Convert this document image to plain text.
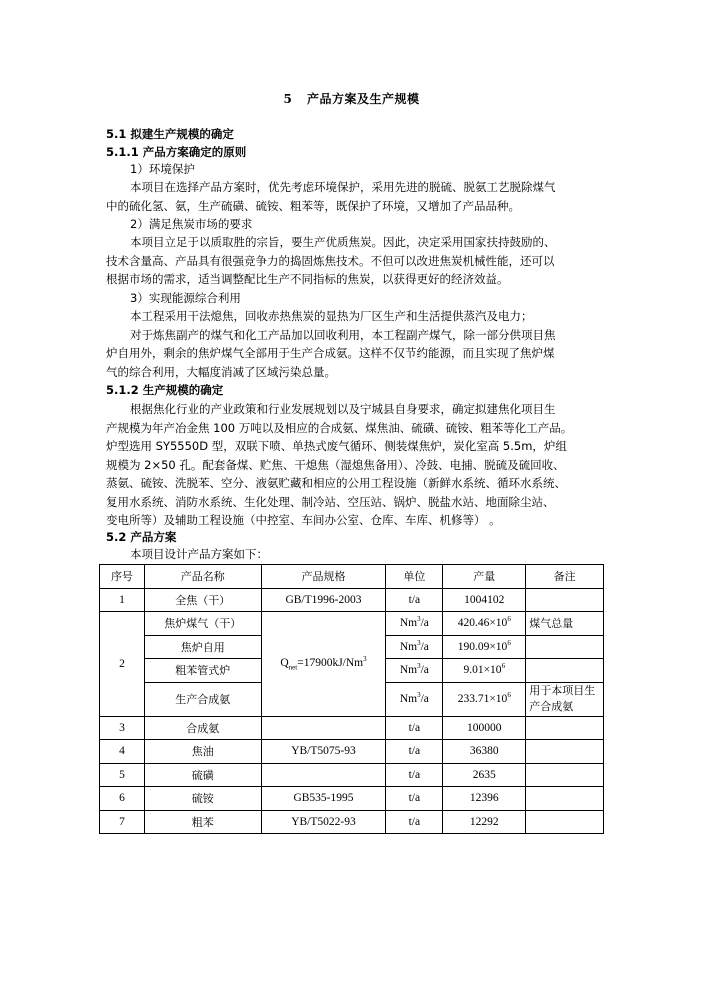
5 产品方案及生产规模
5.1 拟建生产规模的确定
5.1.1 产品方案确定的原则
1）环境保护
本项目在选择产品方案时，优先考虑环境保护，采用先进的脱硫、脱氨工艺脱除煤气
中的硫化氢、氨，生产硫磺、硫铵、粗苯等，既保护了环境，又增加了产品品种。
2）满足焦炭市场的要求
本项目立足于以质取胜的宗旨，要生产优质焦炭。因此，决定采用国家扶持鼓励的、
技术含量高、产品具有很强竞争力的捣固炼焦技术。不但可以改进焦炭机械性能，还可以
根据市场的需求，适当调整配比生产不同指标的焦炭，以获得更好的经济效益。
3）实现能源综合利用
本工程采用干法熄焦，回收赤热焦炭的显热为厂区生产和生活提供蒸汽及电力；
对于炼焦副产的煤气和化工产品加以回收利用，本工程副产煤气，除一部分供项目焦
炉自用外，剩余的焦炉煤气全部用于生产合成氨。这样不仅节约能源，而且实现了焦炉煤
气的综合利用，大幅度消减了区域污染总量。
5.1.2 生产规模的确定
根据焦化行业的产业政策和行业发展规划以及宁城县自身要求，确定拟建焦化项目生
产规模为年产冶金焦 100 万吨以及相应的合成氨、煤焦油、硫磺、硫铵、粗苯等化工产品。
炉型选用 SY5550D 型，双联下喷、单热式废气循环、侧装煤焦炉，炭化室高 5.5m，炉组
规模为 2×50 孔。配套备煤、贮焦、干熄焦（湿熄焦备用）、冷鼓、电捕、脱硫及硫回收、
蒸氨、硫铵、洗脱苯、空分、液氨贮藏和相应的公用工程设施（新鲜水系统、循环水系统、
复用水系统、消防水系统、生化处理、制冷站、空压站、锅炉、脱盐水站、地面除尘站、
变电所等）及辅助工程设施（中控室、车间办公室、仓库、车库、机修等） 。
5.2 产品方案
本项目设计产品方案如下：
序号	产品名称	产品规格	单位	产量	备注
1	全焦（干）	GB/T1996-2003	t/a	1004102	
2	焦炉煤气（干）	$Q_{net}=17900kJ/Nm^3$	Nm$^3$/a	$420.46\times 10^6$	煤气总量
	焦炉自用		Nm$^3$/a	$190.09\times 10^6$	
	粗苯管式炉		Nm$^3$/a	$9.01\times 10^6$	
	生产合成氨		Nm$^3$/a	$233.71\times 10^6$	用于本项目生产合成氨
3	合成氨		t/a	100000	
4	焦油	YB/T5075-93	t/a	36380	
5	硫磺		t/a	2635	
6	硫铵	GB535-1995	t/a	12396	
7	粗苯	YB/T5022-93	t/a	12292	
